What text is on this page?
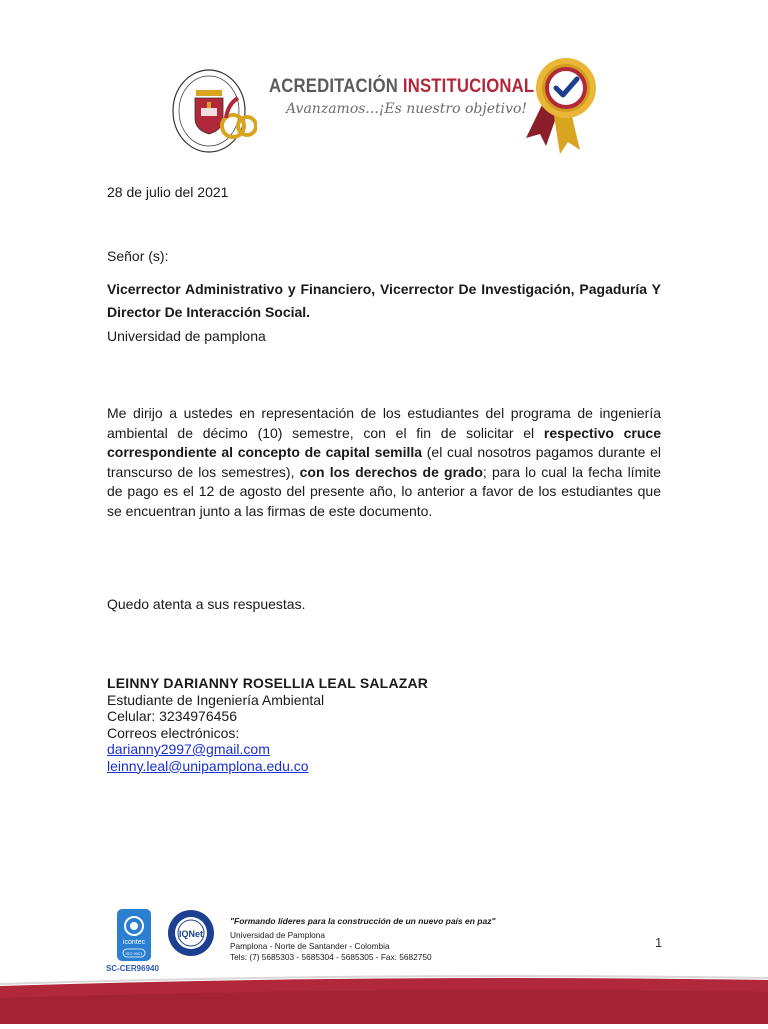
ACREDITACIÓN INSTITUCIONAL
Avanzamos...¡Es nuestro objetivo!
28 de julio del 2021
Señor (s):
Vicerrector Administrativo y Financiero, Vicerrector De Investigación, Pagaduría Y Director De Interacción Social.
Universidad de pamplona
Me dirijo a ustedes en representación de los estudiantes del programa de ingeniería ambiental de décimo (10) semestre, con el fin de solicitar el respectivo cruce correspondiente al concepto de capital semilla (el cual nosotros pagamos durante el transcurso de los semestres), con los derechos de grado; para lo cual la fecha límite de pago es el 12 de agosto del presente año, lo anterior a favor de los estudiantes que se encuentran junto a las firmas de este documento.
Quedo atenta a sus respuestas.
LEINNY DARIANNY ROSELLIA LEAL SALAZAR
Estudiante de Ingeniería Ambiental
Celular: 3234976456
Correos electrónicos:
darianny2997@gmail.com
leinny.leal@unipamplona.edu.co
icontec
ISO 9001
SC-CER96940
IQNet
"Formando líderes para la construcción de un nuevo país en paz"
Universidad de Pamplona
Pamplona - Norte de Santander - Colombia
Tels: (7) 5685303 - 5685304 - 5685305 - Fax: 5682750
1
